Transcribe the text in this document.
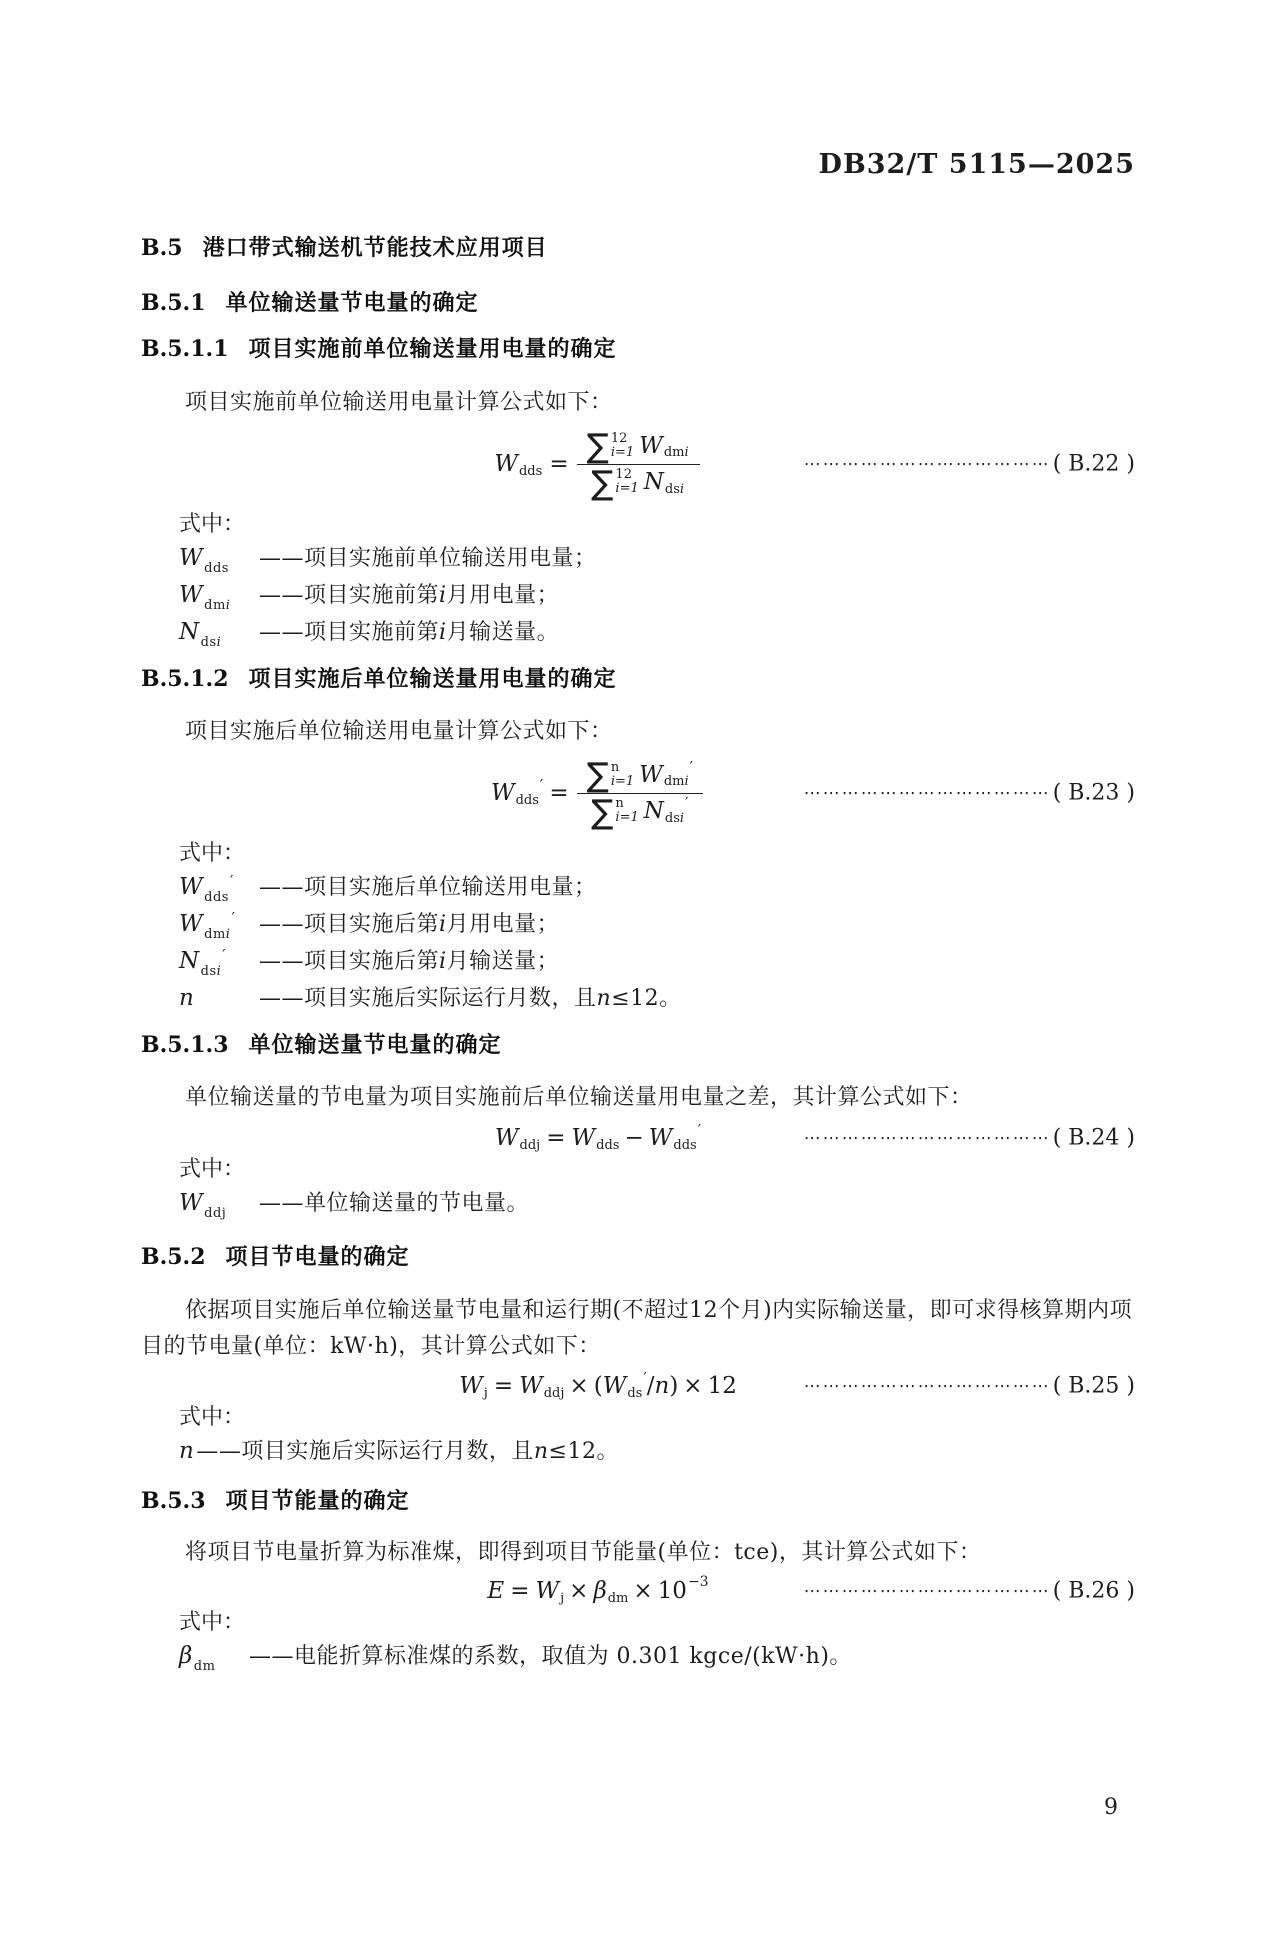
DB32/T 5115—2025
B.5 港口带式输送机节能技术应用项目
B.5.1 单位输送量节电量的确定
B.5.1.1 项目实施前单位输送量用电量的确定

项目实施前单位输送用电量计算公式如下：

W dds = ∑ 12
i=1 W dmi
∑ 12
i=1 N dsi	⋯⋯⋯⋯⋯⋯⋯⋯⋯⋯⋯⋯⋯ ( B.22 )

式中：

$W_{dds}$	——项目实施前单位输送用电量；
$W_{dmi}$	——项目实施前第i月用电量；
$N_{dsi}$	——项目实施前第i月输送量。
B.5.1.2 项目实施后单位输送量用电量的确定

项目实施后单位输送用电量计算公式如下：

W dds
′ = ∑ n
i=1 W dmi
′
∑ n
i=1 N dsi
′	⋯⋯⋯⋯⋯⋯⋯⋯⋯⋯⋯⋯⋯ ( B.23 )

式中：

$W_{dds}'$	——项目实施后单位输送用电量；
$W_{dmi}'$	——项目实施后第i月用电量；
$N_{dsi}'$	——项目实施后第i月输送量；
n	——项目实施后实际运行月数，且n≤12。
B.5.1.3 单位输送量节电量的确定

单位输送量的节电量为项目实施前后单位输送量用电量之差，其计算公式如下：

W ddj = W dds − W dds
′	⋯⋯⋯⋯⋯⋯⋯⋯⋯⋯⋯⋯⋯ ( B.24 )

式中：

$W_{ddj}$	——单位输送量的节电量。
B.5.2 项目节电量的确定

依据项目实施后单位输送量节电量和运行期(不超过12个月)内实际输送量，即可求得核算期内项目的节电量(单位：kW·h)，其计算公式如下：

W j = W ddj × ( W ds
′ / n ) × 12	⋯⋯⋯⋯⋯⋯⋯⋯⋯⋯⋯⋯⋯ ( B.25 )

式中：

n ——项目实施后实际运行月数，且n≤12。
B.5.3 项目节能量的确定

将项目节电量折算为标准煤，即得到项目节能量(单位：tce)，其计算公式如下：

E = W j × β dm × 10 −3	⋯⋯⋯⋯⋯⋯⋯⋯⋯⋯⋯⋯⋯ ( B.26 )

式中：

$\beta_{dm}$	——电能折算标准煤的系数，取值为 0.301 kgce/(kW·h)。
9
